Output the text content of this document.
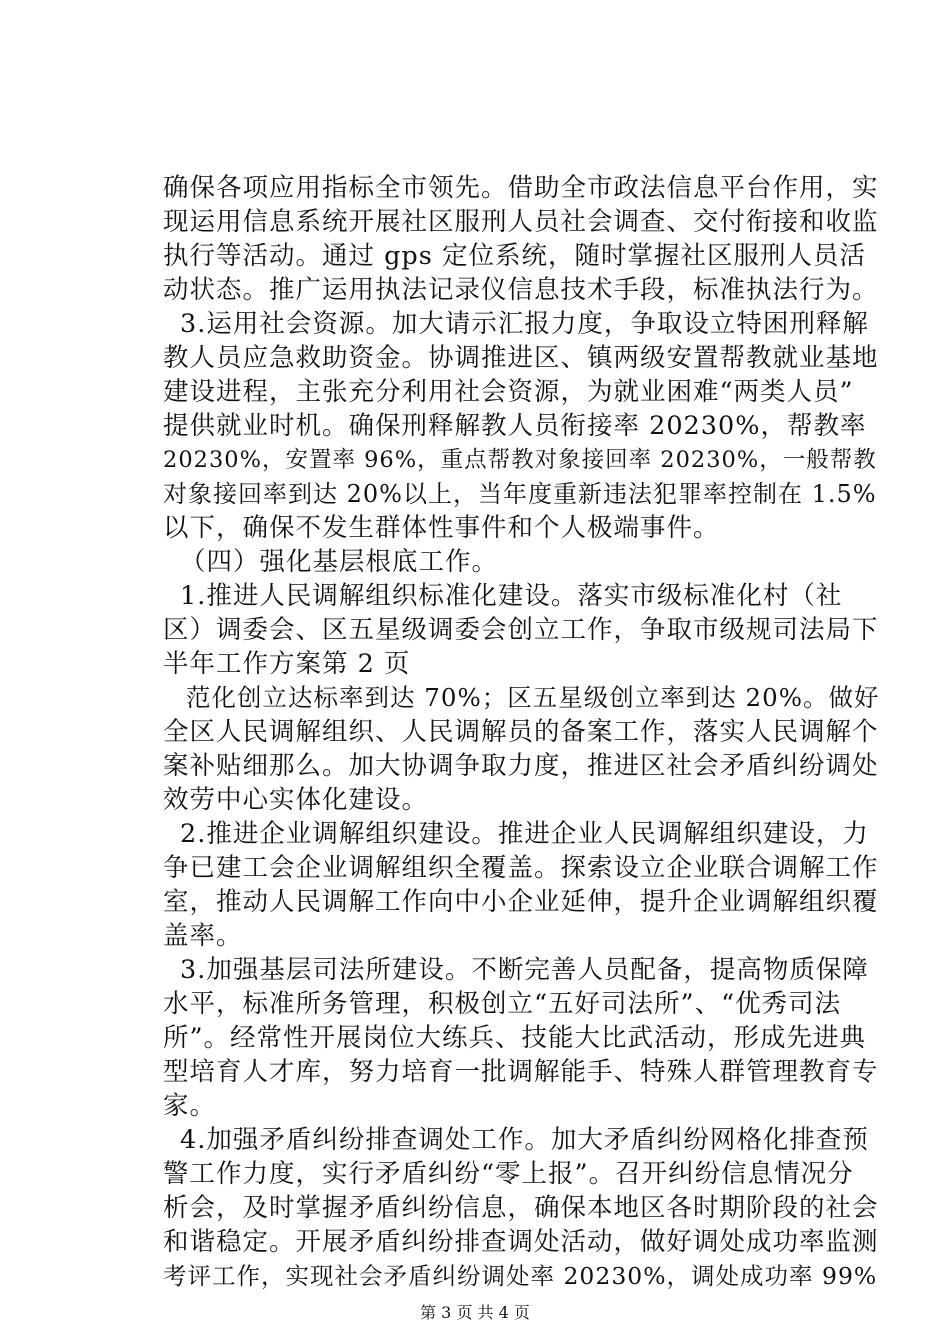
确保各项应用指标全市领先。借助全市政法信息平台作用，实
现运用信息系统开展社区服刑人员社会调查、交付衔接和收监
执行等活动。通过 gps 定位系统，随时掌握社区服刑人员活
动状态。推广运用执法记录仪信息技术手段，标准执法行为。
3.运用社会资源。加大请示汇报力度，争取设立特困刑释解
教人员应急救助资金。协调推进区、镇两级安置帮教就业基地
建设进程，主张充分利用社会资源，为就业困难“两类人员”
提供就业时机。确保刑释解教人员衔接率 20230%，帮教率
20230%，安置率 96%，重点帮教对象接回率 20230%，一般帮教
对象接回率到达 20%以上，当年度重新违法犯罪率控制在 1.5%
以下，确保不发生群体性事件和个人极端事件。
（四）强化基层根底工作。
1.推进人民调解组织标准化建设。落实市级标准化村（社
区）调委会、区五星级调委会创立工作，争取市级规司法局下
半年工作方案第 2 页
范化创立达标率到达 70%；区五星级创立率到达 20%。做好
全区人民调解组织、人民调解员的备案工作，落实人民调解个
案补贴细那么。加大协调争取力度，推进区社会矛盾纠纷调处
效劳中心实体化建设。
2.推进企业调解组织建设。推进企业人民调解组织建设，力
争已建工会企业调解组织全覆盖。探索设立企业联合调解工作
室，推动人民调解工作向中小企业延伸，提升企业调解组织覆
盖率。
3.加强基层司法所建设。不断完善人员配备，提高物质保障
水平，标准所务管理，积极创立“五好司法所”、“优秀司法
所”。经常性开展岗位大练兵、技能大比武活动，形成先进典
型培育人才库，努力培育一批调解能手、特殊人群管理教育专
家。
4.加强矛盾纠纷排查调处工作。加大矛盾纠纷网格化排查预
警工作力度，实行矛盾纠纷“零上报”。召开纠纷信息情况分
析会，及时掌握矛盾纠纷信息，确保本地区各时期阶段的社会
和谐稳定。开展矛盾纠纷排查调处活动，做好调处成功率监测
考评工作，实现社会矛盾纠纷调处率 20230%，调处成功率 99%
第 3 页 共 4 页
